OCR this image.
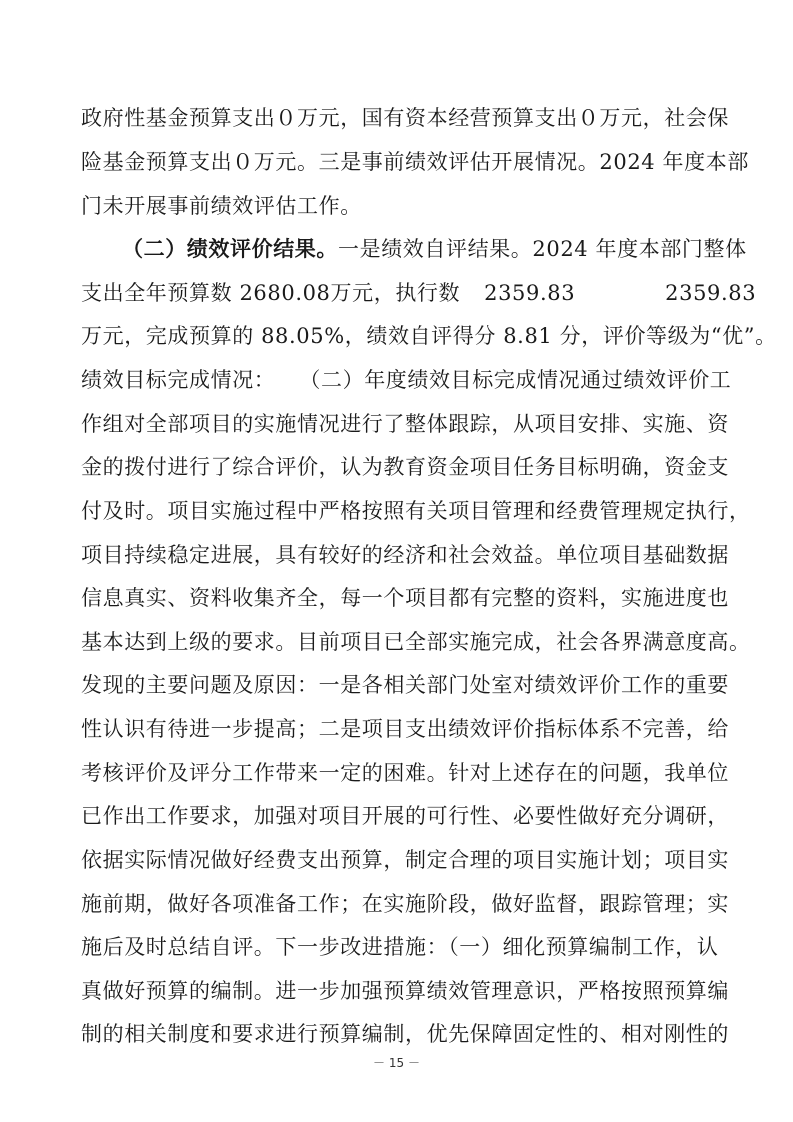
政府性基金预算支出０万元，国有资本经营预算支出０万元，社会保
险基金预算支出０万元。三是事前绩效评估开展情况。2024 年度本部
门未开展事前绩效评估工作。
（二）绩效评价结果。一是绩效自评结果。2024 年度本部门整体
支出全年预算数 2680.08万元，执行数 2359.83	2359.83
万元，完成预算的 88.05%，绩效自评得分 8.81 分，评价等级为“优”。
绩效目标完成情况： （二）年度绩效目标完成情况通过绩效评价工
作组对全部项目的实施情况进行了整体跟踪，从项目安排、实施、资
金的拨付进行了综合评价，认为教育资金项目任务目标明确，资金支
付及时。项目实施过程中严格按照有关项目管理和经费管理规定执行，
项目持续稳定进展，具有较好的经济和社会效益。单位项目基础数据
信息真实、资料收集齐全，每一个项目都有完整的资料，实施进度也
基本达到上级的要求。目前项目已全部实施完成，社会各界满意度高。
发现的主要问题及原因：一是各相关部门处室对绩效评价工作的重要
性认识有待进一步提高；二是项目支出绩效评价指标体系不完善，给
考核评价及评分工作带来一定的困难。针对上述存在的问题，我单位
已作出工作要求，加强对项目开展的可行性、必要性做好充分调研，
依据实际情况做好经费支出预算，制定合理的项目实施计划；项目实
施前期，做好各项准备工作；在实施阶段，做好监督，跟踪管理；实
施后及时总结自评。下一步改进措施：（一）细化预算编制工作，认
真做好预算的编制。进一步加强预算绩效管理意识，严格按照预算编
制的相关制度和要求进行预算编制，优先保障固定性的、相对刚性的
－ 15 －
